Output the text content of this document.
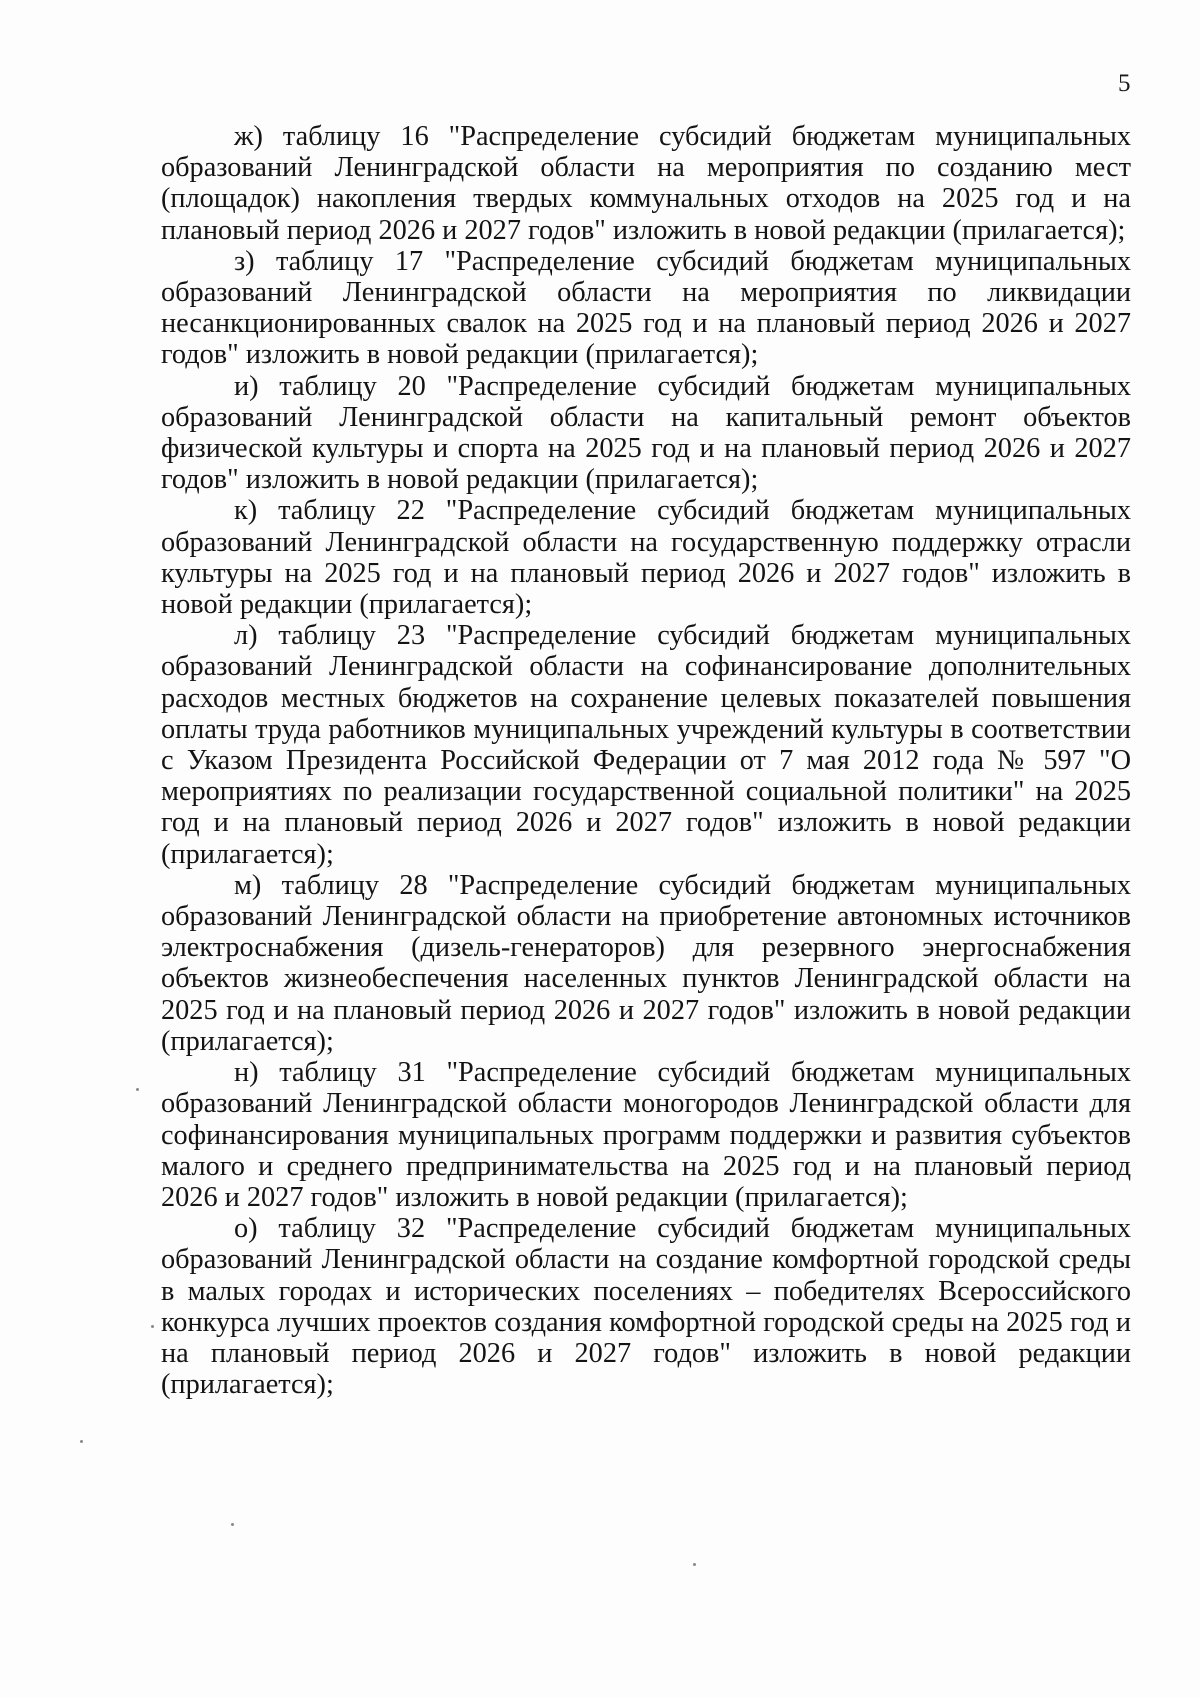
5

ж) таблицу 16 "Распределение субсидий бюджетам муниципальных образований Ленинградской области на мероприятия по созданию мест (площадок) накопления твердых коммунальных отходов на 2025 год и на плановый период 2026 и 2027 годов" изложить в новой редакции (прилагается);

з) таблицу 17 "Распределение субсидий бюджетам муниципальных образований Ленинградской области на мероприятия по ликвидации несанкционированных свалок на 2025 год и на плановый период 2026 и 2027 годов" изложить в новой редакции (прилагается);

и) таблицу 20 "Распределение субсидий бюджетам муниципальных образований Ленинградской области на капитальный ремонт объектов физической культуры и спорта на 2025 год и на плановый период 2026 и 2027 годов" изложить в новой редакции (прилагается);

к) таблицу 22 "Распределение субсидий бюджетам муниципальных образований Ленинградской области на государственную поддержку отрасли культуры на 2025 год и на плановый период 2026 и 2027 годов" изложить в новой редакции (прилагается);

л) таблицу 23 "Распределение субсидий бюджетам муниципальных образований Ленинградской области на софинансирование дополнительных расходов местных бюджетов на сохранение целевых показателей повышения оплаты труда работников муниципальных учреждений культуры в соответствии с Указом Президента Российской Федерации от 7 мая 2012 года № 597 "О мероприятиях по реализации государственной социальной политики" на 2025 год и на плановый период 2026 и 2027 годов" изложить в новой редакции (прилагается);

м) таблицу 28 "Распределение субсидий бюджетам муниципальных образований Ленинградской области на приобретение автономных источников электроснабжения (дизель-генераторов) для резервного энергоснабжения объектов жизнеобеспечения населенных пунктов Ленинградской области на 2025 год и на плановый период 2026 и 2027 годов" изложить в новой редакции (прилагается);

н) таблицу 31 "Распределение субсидий бюджетам муниципальных образований Ленинградской области моногородов Ленинградской области для софинансирования муниципальных программ поддержки и развития субъектов малого и среднего предпринимательства на 2025 год и на плановый период 2026 и 2027 годов" изложить в новой редакции (прилагается);

о) таблицу 32 "Распределение субсидий бюджетам муниципальных образований Ленинградской области на создание комфортной городской среды в малых городах и исторических поселениях – победителях Всероссийского конкурса лучших проектов создания комфортной городской среды на 2025 год и на плановый период 2026 и 2027 годов" изложить в новой редакции (прилагается);
